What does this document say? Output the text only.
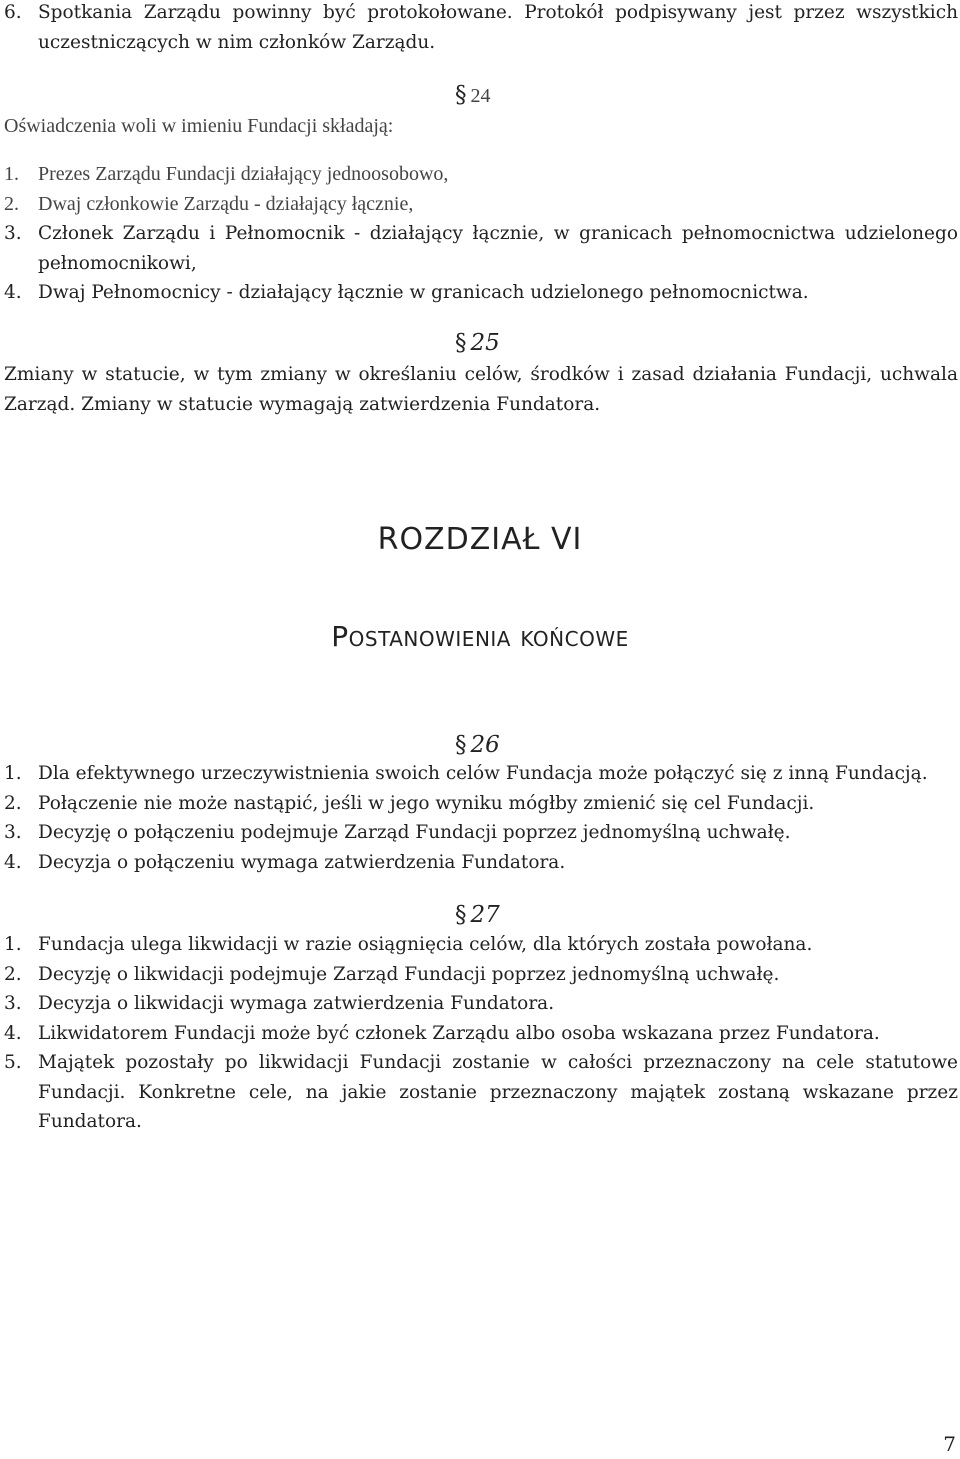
6. Spotkania Zarządu powinny być protokołowane. Protokół podpisywany jest przez wszystkich uczestniczących w nim członków Zarządu.
§ 24
Oświadczenia woli w imieniu Fundacji składają:
1. Prezes Zarządu Fundacji działający jednoosobowo,
2. Dwaj członkowie Zarządu - działający łącznie,
3. Członek Zarządu i Pełnomocnik - działający łącznie, w granicach pełnomocnictwa udzielonego pełnomocnikowi,
4. Dwaj Pełnomocnicy - działający łącznie w granicach udzielonego pełnomocnictwa.
§ 25
Zmiany w statucie, w tym zmiany w określaniu celów, środków i zasad działania Fundacji, uchwala Zarząd. Zmiany w statucie wymagają zatwierdzenia Fundatora.
ROZDZIAŁ VI
Postanowienia końcowe
§ 26
1. Dla efektywnego urzeczywistnienia swoich celów Fundacja może połączyć się z inną Fundacją.
2. Połączenie nie może nastąpić, jeśli w jego wyniku mógłby zmienić się cel Fundacji.
3. Decyzję o połączeniu podejmuje Zarząd Fundacji poprzez jednomyślną uchwałę.
4. Decyzja o połączeniu wymaga zatwierdzenia Fundatora.
§ 27
1. Fundacja ulega likwidacji w razie osiągnięcia celów, dla których została powołana.
2. Decyzję o likwidacji podejmuje Zarząd Fundacji poprzez jednomyślną uchwałę.
3. Decyzja o likwidacji wymaga zatwierdzenia Fundatora.
4. Likwidatorem Fundacji może być członek Zarządu albo osoba wskazana przez Fundatora.
5. Majątek pozostały po likwidacji Fundacji zostanie w całości przeznaczony na cele statutowe Fundacji. Konkretne cele, na jakie zostanie przeznaczony majątek zostaną wskazane przez Fundatora.
7
